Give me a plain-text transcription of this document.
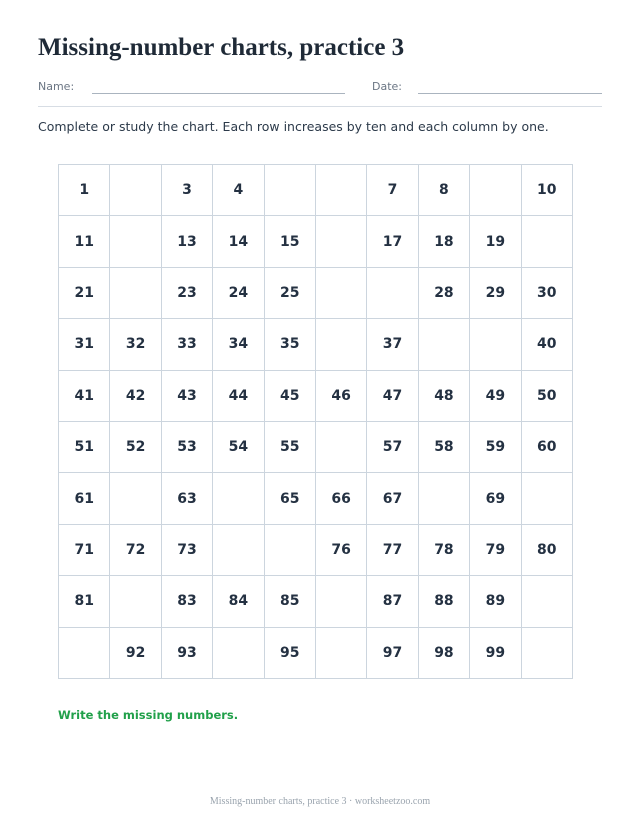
Missing-number charts, practice 3
Name:	Date:
Complete or study the chart. Each row increases by ten and each column by one.
1		3	4			7	8		10
11		13	14	15		17	18	19	
21		23	24	25			28	29	30
31	32	33	34	35		37			40
41	42	43	44	45	46	47	48	49	50
51	52	53	54	55		57	58	59	60
61		63		65	66	67		69	
71	72	73			76	77	78	79	80
81		83	84	85		87	88	89	
	92	93		95		97	98	99	
Write the missing numbers.
Missing-number charts, practice 3 · worksheetzoo.com
